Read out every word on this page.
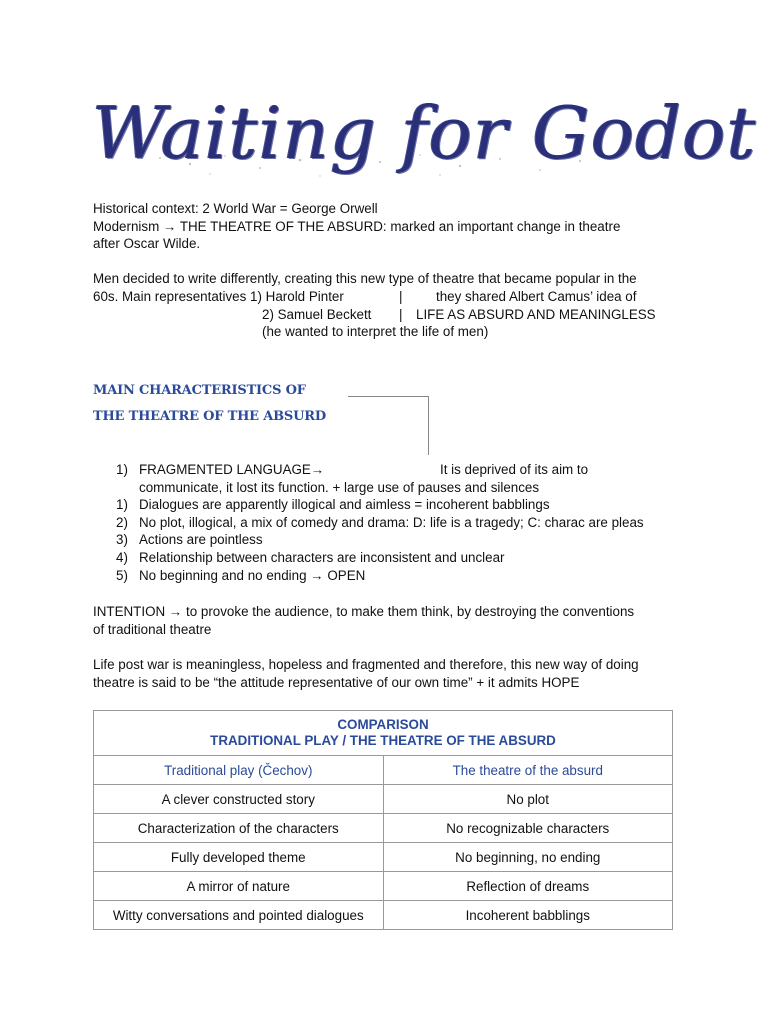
Waiting for Godot
Historical context: 2 World War = George Orwell
Modernism → THE THEATRE OF THE ABSURD: marked an important change in theatre
after Oscar Wilde.
Men decided to write differently, creating this new type of theatre that became popular in the
60s. Main representatives 1) Harold Pinter	|	they shared Albert Camus’ idea of
2) Samuel Beckett | LIFE AS ABSURD AND MEANINGLESS
(he wanted to interpret the life of men)
MAIN CHARACTERISTICS OF
THE THEATRE OF THE ABSURD
1) FRAGMENTED LANGUAGE→	It is deprived of its aim to
communicate, it lost its function. + large use of pauses and silences
1) Dialogues are apparently illogical and aimless = incoherent babblings
2) No plot, illogical, a mix of comedy and drama: D: life is a tragedy; C: charac are pleas
3) Actions are pointless
4) Relationship between characters are inconsistent and unclear
5) No beginning and no ending → OPEN
INTENTION → to provoke the audience, to make them think, by destroying the conventions
of traditional theatre
Life post war is meaningless, hopeless and fragmented and therefore, this new way of doing
theatre is said to be “the attitude representative of our own time” + it admits HOPE
COMPARISON
TRADITIONAL PLAY / THE THEATRE OF THE ABSURD	

Traditional play (Čechov)	The theatre of the absurd
A clever constructed story	No plot
Characterization of the characters	No recognizable characters
Fully developed theme	No beginning, no ending
A mirror of nature	Reflection of dreams
Witty conversations and pointed dialogues	Incoherent babblings
